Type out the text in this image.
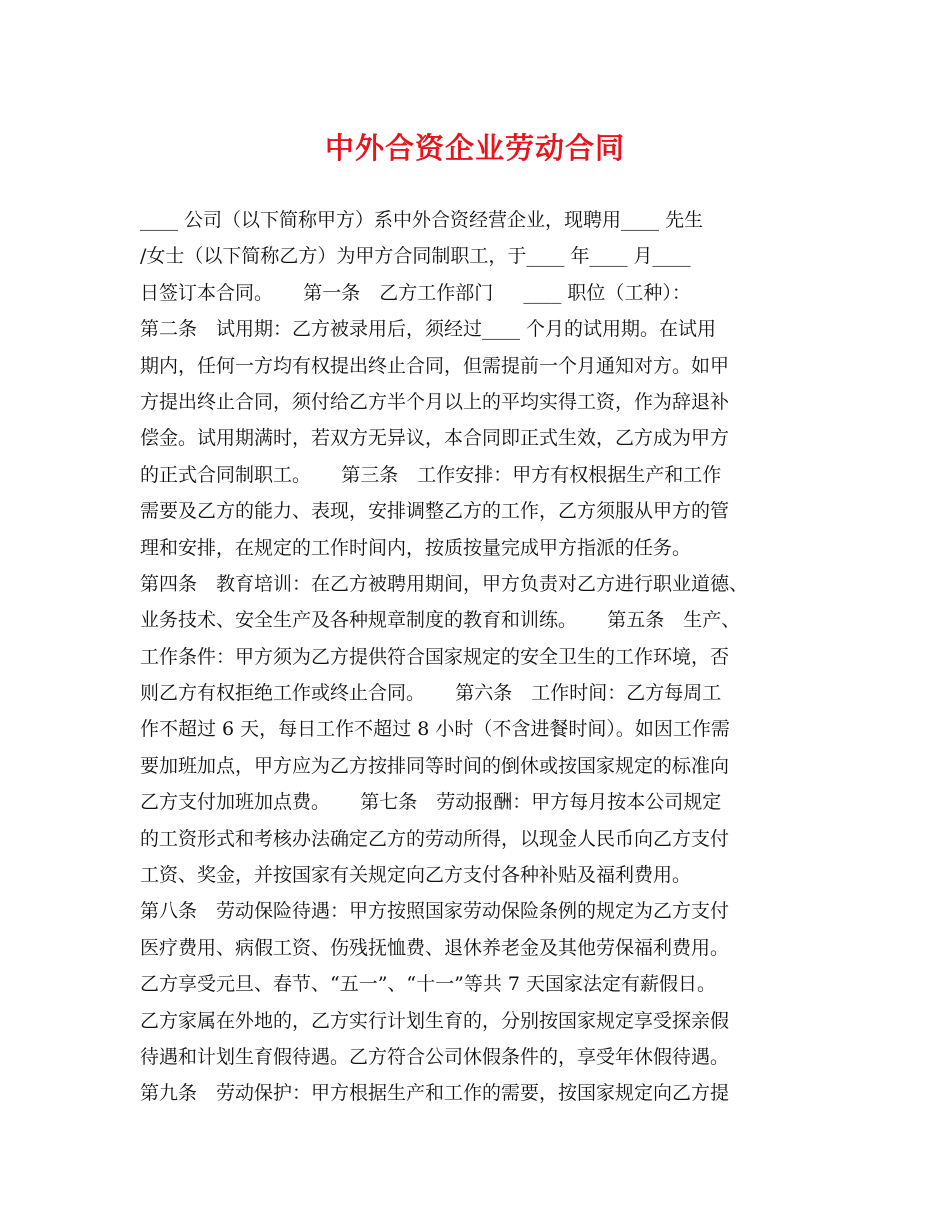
中外合资企业劳动合同
____ 公司（以下简称甲方）系中外合资经营企业，现聘用____ 先生
/女士（以下简称乙方）为甲方合同制职工，于____ 年____ 月____
日签订本合同。     第一条　乙方工作部门     ____ 职位（工种）：
第二条　试用期：乙方被录用后，须经过____ 个月的试用期。在试用
期内，任何一方均有权提出终止合同，但需提前一个月通知对方。如甲
方提出终止合同，须付给乙方半个月以上的平均实得工资，作为辞退补
偿金。试用期满时，若双方无异议，本合同即正式生效，乙方成为甲方
的正式合同制职工。     第三条　工作安排：甲方有权根据生产和工作
需要及乙方的能力、表现，安排调整乙方的工作，乙方须服从甲方的管
理和安排，在规定的工作时间内，按质按量完成甲方指派的任务。
第四条　教育培训：在乙方被聘用期间，甲方负责对乙方进行职业道德、
业务技术、安全生产及各种规章制度的教育和训练。     第五条　生产、
工作条件：甲方须为乙方提供符合国家规定的安全卫生的工作环境，否
则乙方有权拒绝工作或终止合同。     第六条　工作时间：乙方每周工
作不超过 6 天，每日工作不超过 8 小时（不含进餐时间）。如因工作需
要加班加点，甲方应为乙方按排同等时间的倒休或按国家规定的标准向
乙方支付加班加点费。     第七条　劳动报酬：甲方每月按本公司规定
的工资形式和考核办法确定乙方的劳动所得，以现金人民币向乙方支付
工资、奖金，并按国家有关规定向乙方支付各种补贴及福利费用。
第八条　劳动保险待遇：甲方按照国家劳动保险条例的规定为乙方支付
医疗费用、病假工资、伤残抚恤费、退休养老金及其他劳保福利费用。
乙方享受元旦、春节、“五一”、“十一”等共 7 天国家法定有薪假日。
乙方家属在外地的，乙方实行计划生育的，分别按国家规定享受探亲假
待遇和计划生育假待遇。乙方符合公司休假条件的，享受年休假待遇。
第九条　劳动保护：甲方根据生产和工作的需要，按国家规定向乙方提
